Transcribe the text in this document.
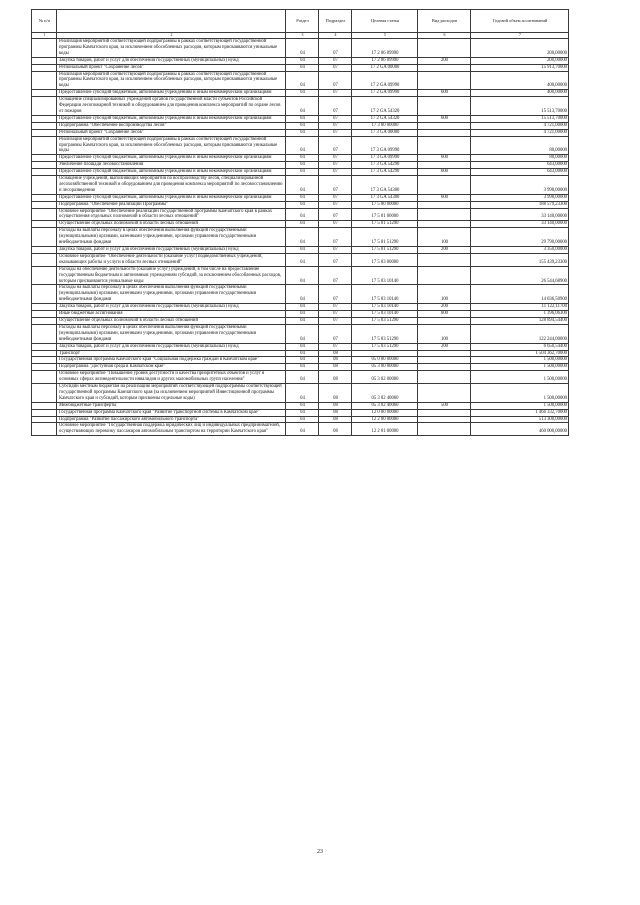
№ п/п		Раздел	Подраздел	Целевая статья	Вид расходов	Годовой объем ассигнований
1	2	3	4	5	6	7
	Реализация мероприятий соответствующей подпрограммы в рамках соответствующей государственной программы Камчатского края, за исключением обособленных расходов, которым присваиваются уникальные коды	04	07	17 2 06 09990		200,00000
	Закупка товаров, работ и услуг для обеспечения государственных (муниципальных) нужд	04	07	17 2 06 09990	200	200,00000
	Региональный проект "Сохранение лесов"	04	07	17 2 GA 00000		15 913,70000
	Реализация мероприятий соответствующей подпрограммы в рамках соответствующей государственной программы Камчатского края, за исключением обособленных расходов, которым присваиваются уникальные коды	04	07	17 2 GA 09990		400,00000
	Предоставление субсидий бюджетным, автономным учреждениям и иным некоммерческим организациям	04	07	17 2 GA 09990	600	400,00000
	Оснащение специализированных учреждений органов государственной власти субъектов Российской Федерации лесопожарной техникой и оборудованием для проведения комплекса мероприятий по охране лесов от пожаров	04	07	17 2 GA 54320		15 513,70000
	Предоставление субсидий бюджетным, автономным учреждениям и иным некоммерческим организациям	04	07	17 2 GA 54320	600	15 513,70000
	Подпрограмма "Обеспечение воспроизводства лесов"	04	07	17 3 00 00000		4 721,00000
	Региональный проект "Сохранение лесов"	04	07	17 3 GA 00000		4 721,00000
	Реализация мероприятий соответствующей подпрограммы в рамках соответствующей государственной программы Камчатского края, за исключением обособленных расходов, которым присваиваются уникальные коды	04	07	17 3 GA 09990		80,00000
	Предоставление субсидий бюджетным, автономным учреждениям и иным некоммерческим организациям	04	07	17 3 GA 09990	600	80,00000
	Увеличение площади лесовосстановления	04	07	17 3 GA 54290		643,00000
	Предоставление субсидий бюджетным, автономным учреждениям и иным некоммерческим организациям	04	07	17 3 GA 54290	600	643,00000
	Оснащение учреждений, выполняющих мероприятия по воспроизводству лесов, специализированной лесохозяйственной техникой и оборудованием для проведения комплекса мероприятий по лесовосстановлению и лесоразведению	04	07	17 3 GA 54300		3 998,00000
	Предоставление субсидий бюджетным, автономным учреждениям и иным некоммерческим организациям	04	07	17 3 GA 54300	600	3 998,00000
	Подпрограмма "Обеспечение реализации Программы"	04	07	17 5 00 00000		188 579,23300
	Основное мероприятие "Обеспечение реализации государственной программы Камчатского края в рамках осуществления отдельных полномочий в области лесных отношений"	04	07	17 5 01 00000		33 140,00000
	Осуществление отдельных полномочий в области лесных отношений	04	07	17 5 01 51290		33 140,00000
	Расходы на выплаты персоналу в целях обеспечения выполнения функций государственными (муниципальными) органами, казенными учреждениями, органами управления государственными внебюджетными фондами	04	07	17 5 01 51290	100	29 790,00000
	Закупка товаров, работ и услуг для обеспечения государственных (муниципальных) нужд	04	07	17 5 01 51290	200	3 350,00000
	Основное мероприятие "Обеспечение деятельности (оказание услуг) подведомственных учреждений, оказывающих работы и услуги в области лесных отношений"	04	07	17 5 03 00000		155 439,23300
	Расходы на обеспечение деятельности (оказание услуг) учреждений, в том числе на предоставление государственным бюджетным и автономным учреждениям субсидий, за исключением обособленных расходов, которым присваиваются уникальные коды	04	07	17 5 03 10140		26 544,68900
	Расходы на выплаты персоналу в целях обеспечения выполнения функций государственными (муниципальными) органами, казенными учреждениями, органами управления государственными внебюджетными фондами	04	07	17 5 03 10140	100	14 036,50900
	Закупка товаров, работ и услуг для обеспечения государственных (муниципальных) нужд	04	07	17 5 03 10140	200	11 122,11700
	Иные бюджетные ассигнования	04	07	17 5 03 10140	800	1 396,06300
	Осуществление отдельных полномочий в области лесных отношений	04	07	17 5 03 51290		128 894,54400
	Расходы на выплаты персоналу в целях обеспечения выполнения функций государственными (муниципальными) органами, казенными учреждениями, органами управления государственными внебюджетными фондами	04	07	17 5 03 51290	100	122 244,00000
	Закупка товаров, работ и услуг для обеспечения государственных (муниципальных) нужд	04	07	17 5 03 51290	200	6 650,54400
	Транспорт	04	08			1 504 362,70000
	Государственная программа Камчатского края "Социальная поддержка граждан в Камчатском крае"	04	08	05 0 00 00000		1 500,00000
	Подпрограмма "Доступная среда в Камчатском крае"	04	08	05 3 00 00000		1 500,00000
	Основное мероприятие "Повышение уровня доступности и качества приоритетных объектов и услуг в основных сферах жизнедеятельности инвалидов и других маломобильных групп населения"	04	08	05 3 02 00000		1 500,00000
	Субсидии местным бюджетам на реализацию мероприятий соответствующей подпрограммы соответствующей государственной программы Камчатского края (за исключением мероприятий Инвестиционной программы Камчатского края и субсидий, которым присвоены отдельные коды)	04	08	05 3 02 40060		1 500,00000
	Межбюджетные трансферты	04	08	05 3 02 40060	500	1 500,00000
	Государственная программа Камчатского края "Развитие транспортной системы в Камчатском крае"	04	08	12 0 00 00000		1 466 332,70000
	Подпрограмма "Развитие пассажирского автомобильного транспорта"	04	08	12 2 00 00000		513 300,00000
	Основное мероприятие "Государственная поддержка юридических лиц и индивидуальных предпринимателей, осуществляющих перевозку пассажиров автомобильным транспортом на территории Камчатского края"	04	08	12 2 01 00000		460 000,00000
23
